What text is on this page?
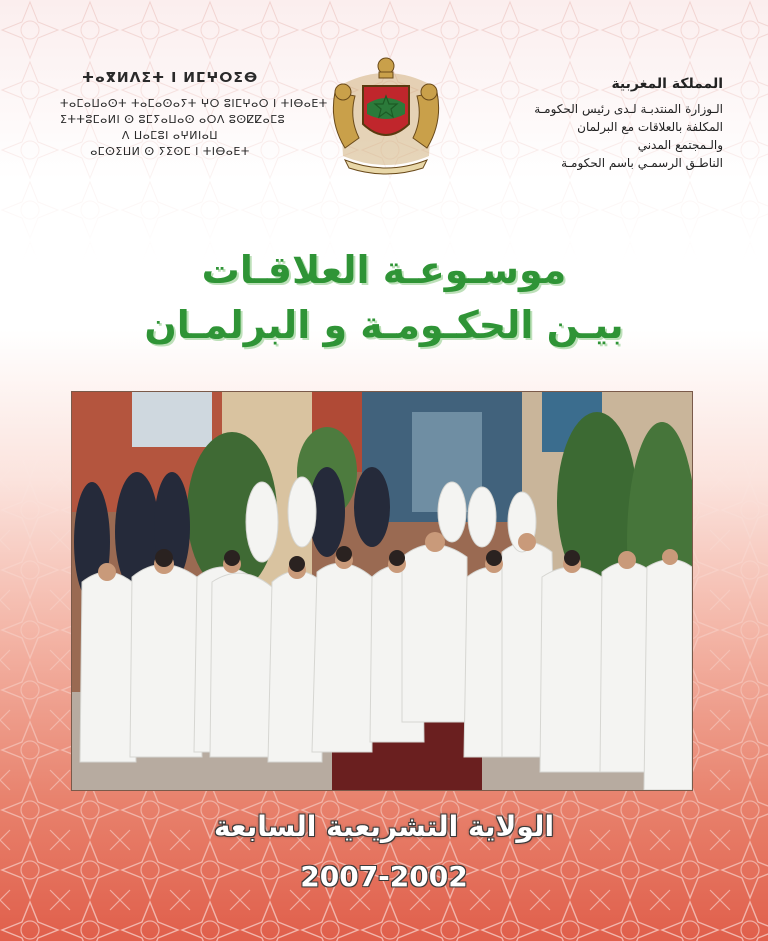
ⵜⴰⴳⵍⴷⵉⵜ ⵏ ⵍⵎⵖⵔⵉⴱ
ⵜⴰⵎⴰⵡⴰⵙⵜ ⵜⴰⵎⴰⵙⴰⵢⵜ ⵖⵔ ⵓⵏⵎⵖⴰⵔ ⵏ ⵜⵏⴱⴰⴹⵜ
ⵉⵜⵜⵓⵎⴰⵍⵏ ⵙ ⵓⵎⵢⴰⵡⴰⵙ ⴰⵔⴷ ⵓⵙⵇⵇⴰⵎⵓ
ⴷ ⵡⴰⵎⵓⵏ ⴰⵖⵍⵏⴰⵡ
ⴰⵎⵙⵉⵡⵍ ⵙ ⵢⵉⵙⵎ ⵏ ⵜⵏⴱⴰⴹⵜ
المملكة المغربية
الـوزارة المنتدبـة لـدى رئيس الحكومـة
المكلفة بالعلاقات مع البرلمان
والـمجتمع المدني
الناطـق الرسمـي باسم الحكومـة
موسـوعـة العلاقـات
بيـن الحكـومـة و البرلمـان
الولاية التشريعية السابعة
2007-2002
